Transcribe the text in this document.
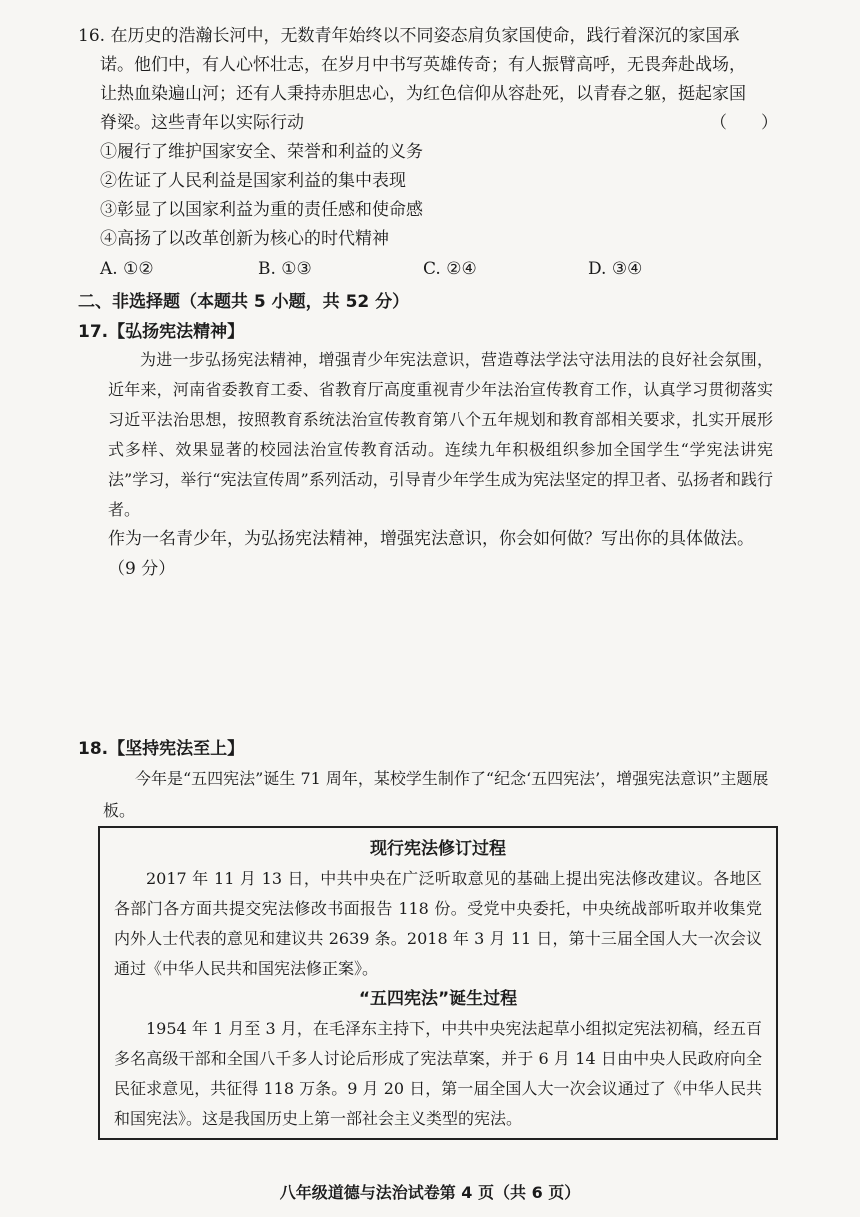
16. 在历史的浩瀚长河中，无数青年始终以不同姿态肩负家国使命，践行着深沉的家国承

诺。他们中，有人心怀壮志，在岁月中书写英雄传奇；有人振臂高呼，无畏奔赴战场，

让热血染遍山河；还有人秉持赤胆忠心，为红色信仰从容赴死，以青春之躯，挺起家国

脊梁。这些青年以实际行动	（　　）

①履行了维护国家安全、荣誉和利益的义务

②佐证了人民利益是国家利益的集中表现

③彰显了以国家利益为重的责任感和使命感

④高扬了以改革创新为核心的时代精神

A. ①②	B. ①③	C. ②④	D. ③④
二、非选择题（本题共 5 小题，共 52 分）
17.【弘扬宪法精神】

为进一步弘扬宪法精神，增强青少年宪法意识，营造尊法学法守法用法的良好社会氛围，近年来，河南省委教育工委、省教育厅高度重视青少年法治宣传教育工作，认真学习贯彻落实习近平法治思想，按照教育系统法治宣传教育第八个五年规划和教育部相关要求，扎实开展形式多样、效果显著的校园法治宣传教育活动。连续九年积极组织参加全国学生“学宪法讲宪法”学习，举行“宪法宣传周”系列活动，引导青少年学生成为宪法坚定的捍卫者、弘扬者和践行者。

作为一名青少年，为弘扬宪法精神，增强宪法意识，你会如何做？写出你的具体做法。
（9 分）
18.【坚持宪法至上】

今年是“五四宪法”诞生 71 周年，某校学生制作了“纪念‘五四宪法’，增强宪法意识”主题展板。

现行宪法修订过程

2017 年 11 月 13 日，中共中央在广泛听取意见的基础上提出宪法修改建议。各地区各部门各方面共提交宪法修改书面报告 118 份。受党中央委托，中央统战部听取并收集党内外人士代表的意见和建议共 2639 条。2018 年 3 月 11 日，第十三届全国人大一次会议通过《中华人民共和国宪法修正案》。

“五四宪法”诞生过程

1954 年 1 月至 3 月，在毛泽东主持下，中共中央宪法起草小组拟定宪法初稿，经五百多名高级干部和全国八千多人讨论后形成了宪法草案，并于 6 月 14 日由中央人民政府向全民征求意见，共征得 118 万条。9 月 20 日，第一届全国人大一次会议通过了《中华人民共和国宪法》。这是我国历史上第一部社会主义类型的宪法。

八年级道德与法治试卷第 4 页（共 6 页）
